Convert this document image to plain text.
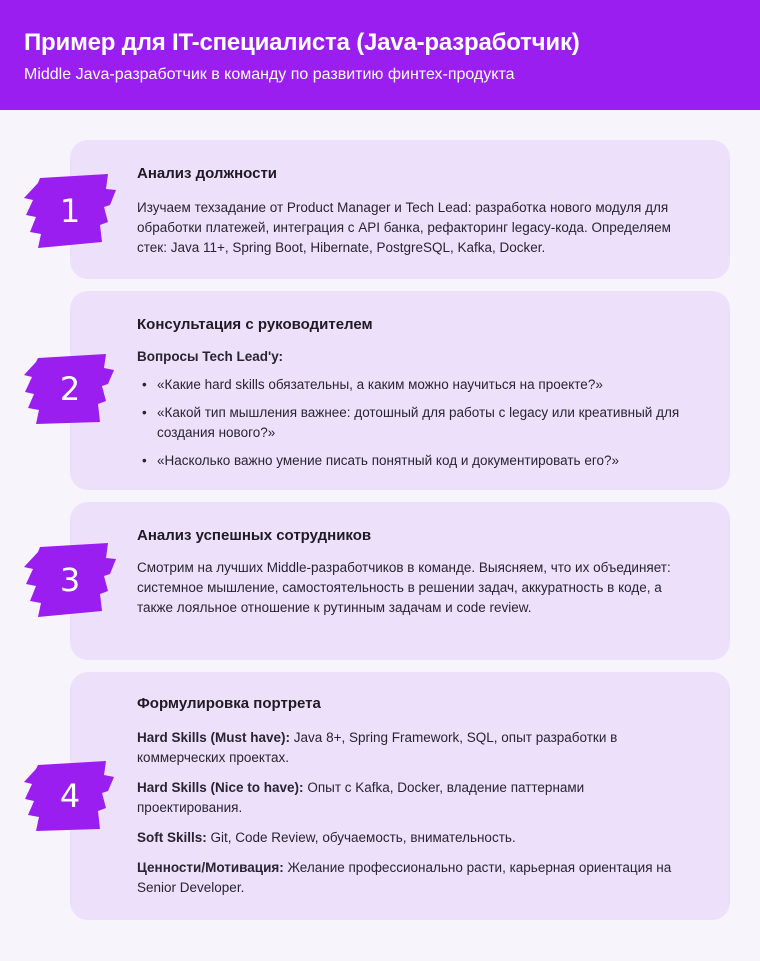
Пример для IT-специалиста (Java-разработчик)
Middle Java-разработчик в команду по развитию финтех-продукта
Анализ должности

Изучаем техзадание от Product Manager и Tech Lead: разработка нового модуля для обработки платежей, интеграция с API банка, рефакторинг legacy-кода. Определяем стек: Java 11+, Spring Boot, Hibernate, PostgreSQL, Kafka, Docker.

Консультация с руководителем

Вопросы Tech Lead'у:

• «Какие hard skills обязательны, а каким можно научиться на проекте?»
• «Какой тип мышления важнее: дотошный для работы с legacy или креативный для создания нового?»
• «Насколько важно умение писать понятный код и документировать его?»
Анализ успешных сотрудников

Смотрим на лучших Middle-разработчиков в команде. Выясняем, что их объединяет: системное мышление, самостоятельность в решении задач, аккуратность в коде, а также лояльное отношение к рутинным задачам и code review.

Формулировка портрета

Hard Skills (Must have): Java 8+, Spring Framework, SQL, опыт разработки в коммерческих проектах.

Hard Skills (Nice to have): Опыт с Kafka, Docker, владение паттернами проектирования.

Soft Skills: Git, Code Review, обучаемость, внимательность.

Ценности/Мотивация: Желание профессионально расти, карьерная ориентация на Senior Developer.

1
2
3
4
